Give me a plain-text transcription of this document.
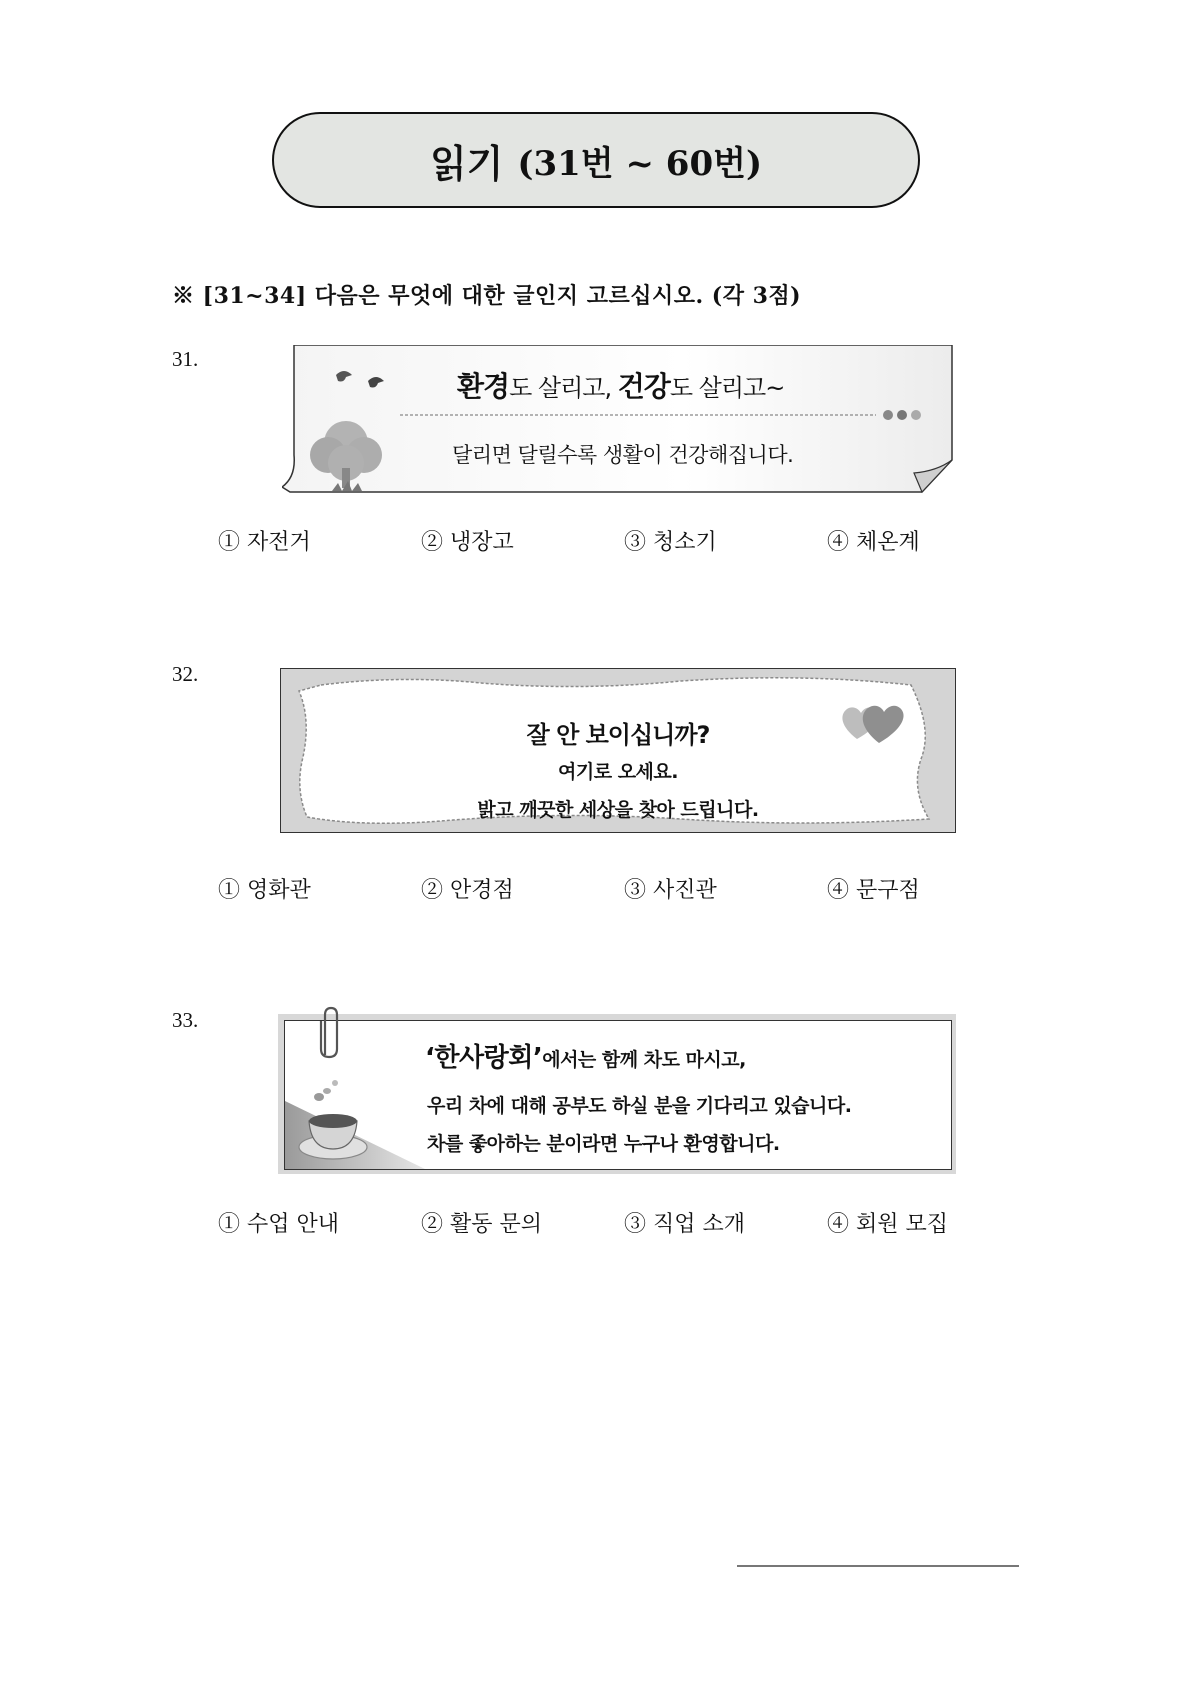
읽기 (31번 ~ 60번)
※ [31~34] 다음은 무엇에 대한 글인지 고르십시오. (각 3점)
31.
환경도 살리고, 건강도 살리고~
달리면 달릴수록 생활이 건강해집니다.
① 자전거	② 냉장고	③ 청소기	④ 체온계
32.
잘 안 보이십니까?
여기로 오세요.
밝고 깨끗한 세상을 찾아 드립니다.
① 영화관	② 안경점	③ 사진관	④ 문구점
33.
‘한사랑회’에서는 함께 차도 마시고,
우리 차에 대해 공부도 하실 분을 기다리고 있습니다.
차를 좋아하는 분이라면 누구나 환영합니다.
① 수업 안내	② 활동 문의	③ 직업 소개	④ 회원 모집
